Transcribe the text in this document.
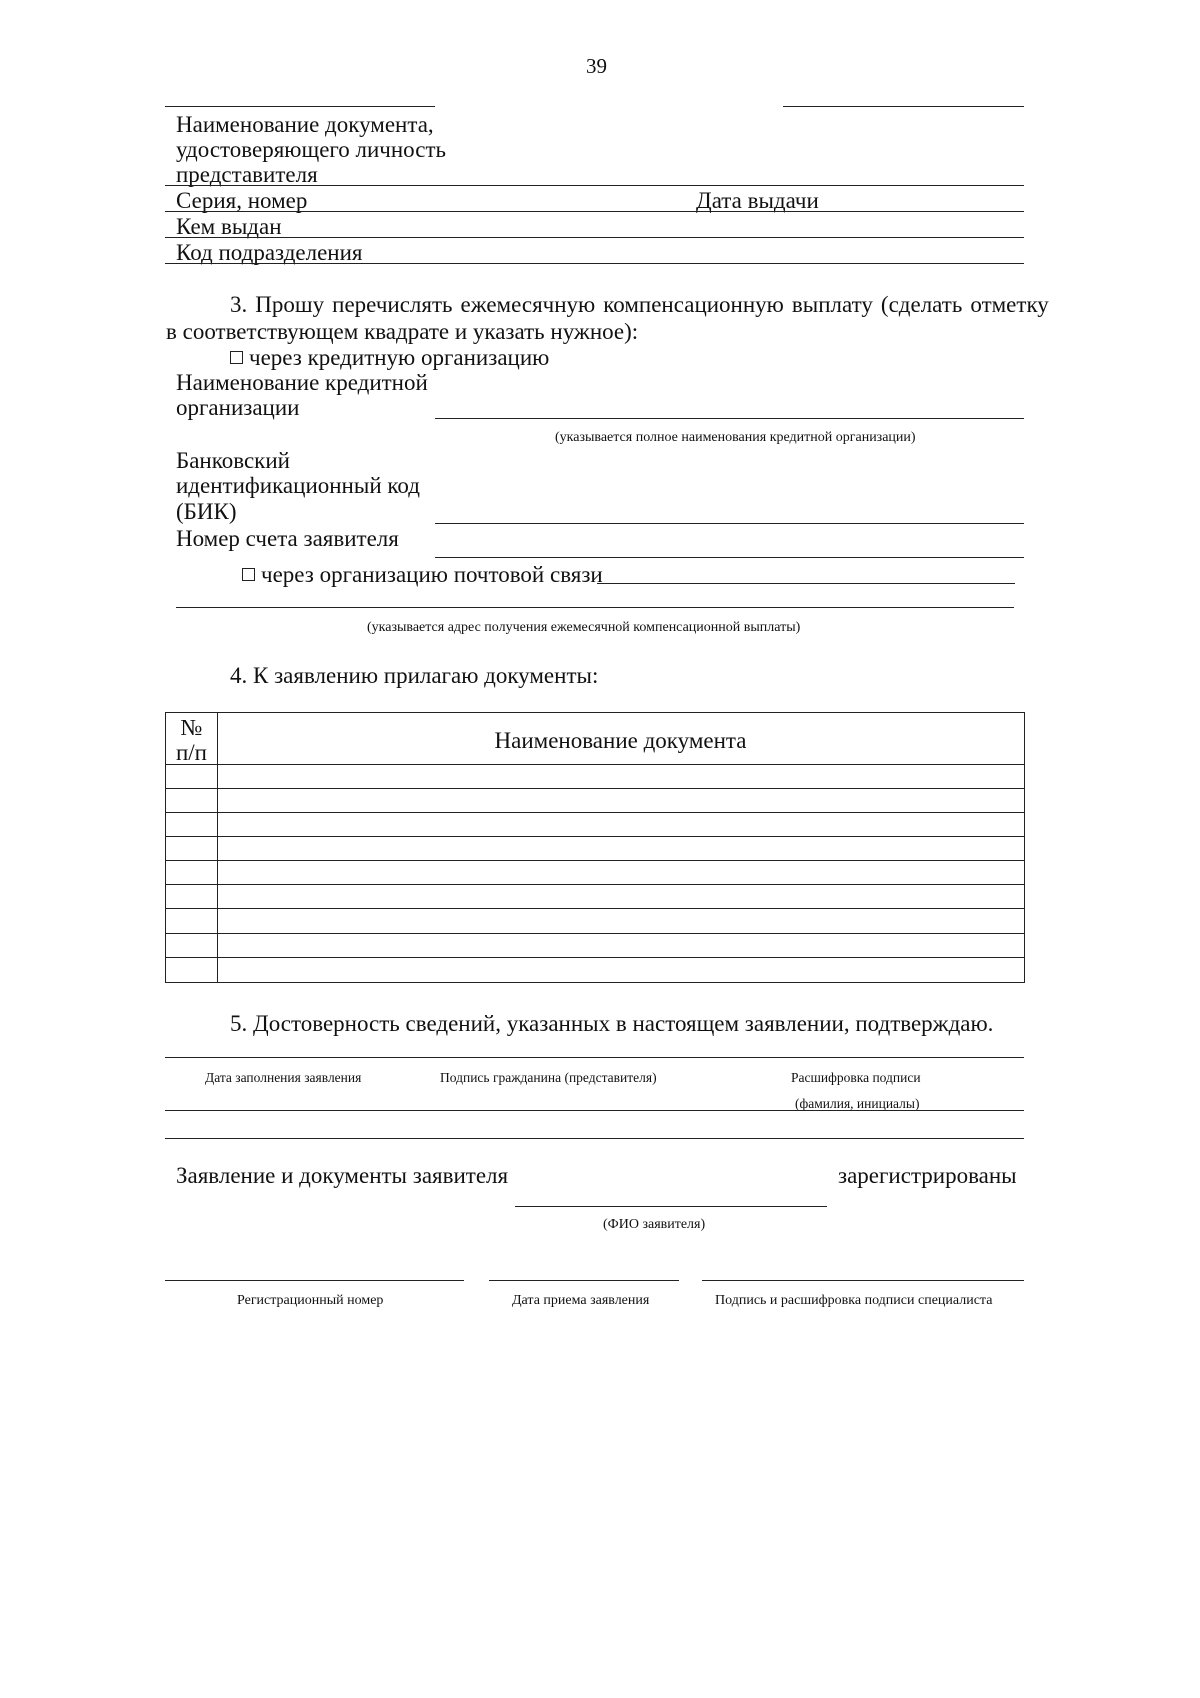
39
Наименование документа,
удостоверяющего личность
представителя
Серия, номер	Дата выдачи
Кем выдан
Код подразделения
3. Прошу перечислять ежемесячную компенсационную выплату (сделать отметку
в соответствующем квадрате и указать нужное):
через кредитную организацию
Наименование кредитной
организации
(указывается полное наименования кредитной организации)
Банковский
идентификационный код
(БИК)
Номер счета заявителя
через организацию почтовой связи
(указывается адрес получения ежемесячной компенсационной выплаты)
4. К заявлению прилагаю документы:
№
п/п	Наименование документа
5. Достоверность сведений, указанных в настоящем заявлении, подтверждаю.
Дата заполнения заявления	Подпись гражданина (представителя)	Расшифровка подписи
(фамилия, инициалы)
Заявление и документы заявителя	зарегистрированы
(ФИО заявителя)
Регистрационный номер	Дата приема заявления	Подпись и расшифровка подписи специалиста
